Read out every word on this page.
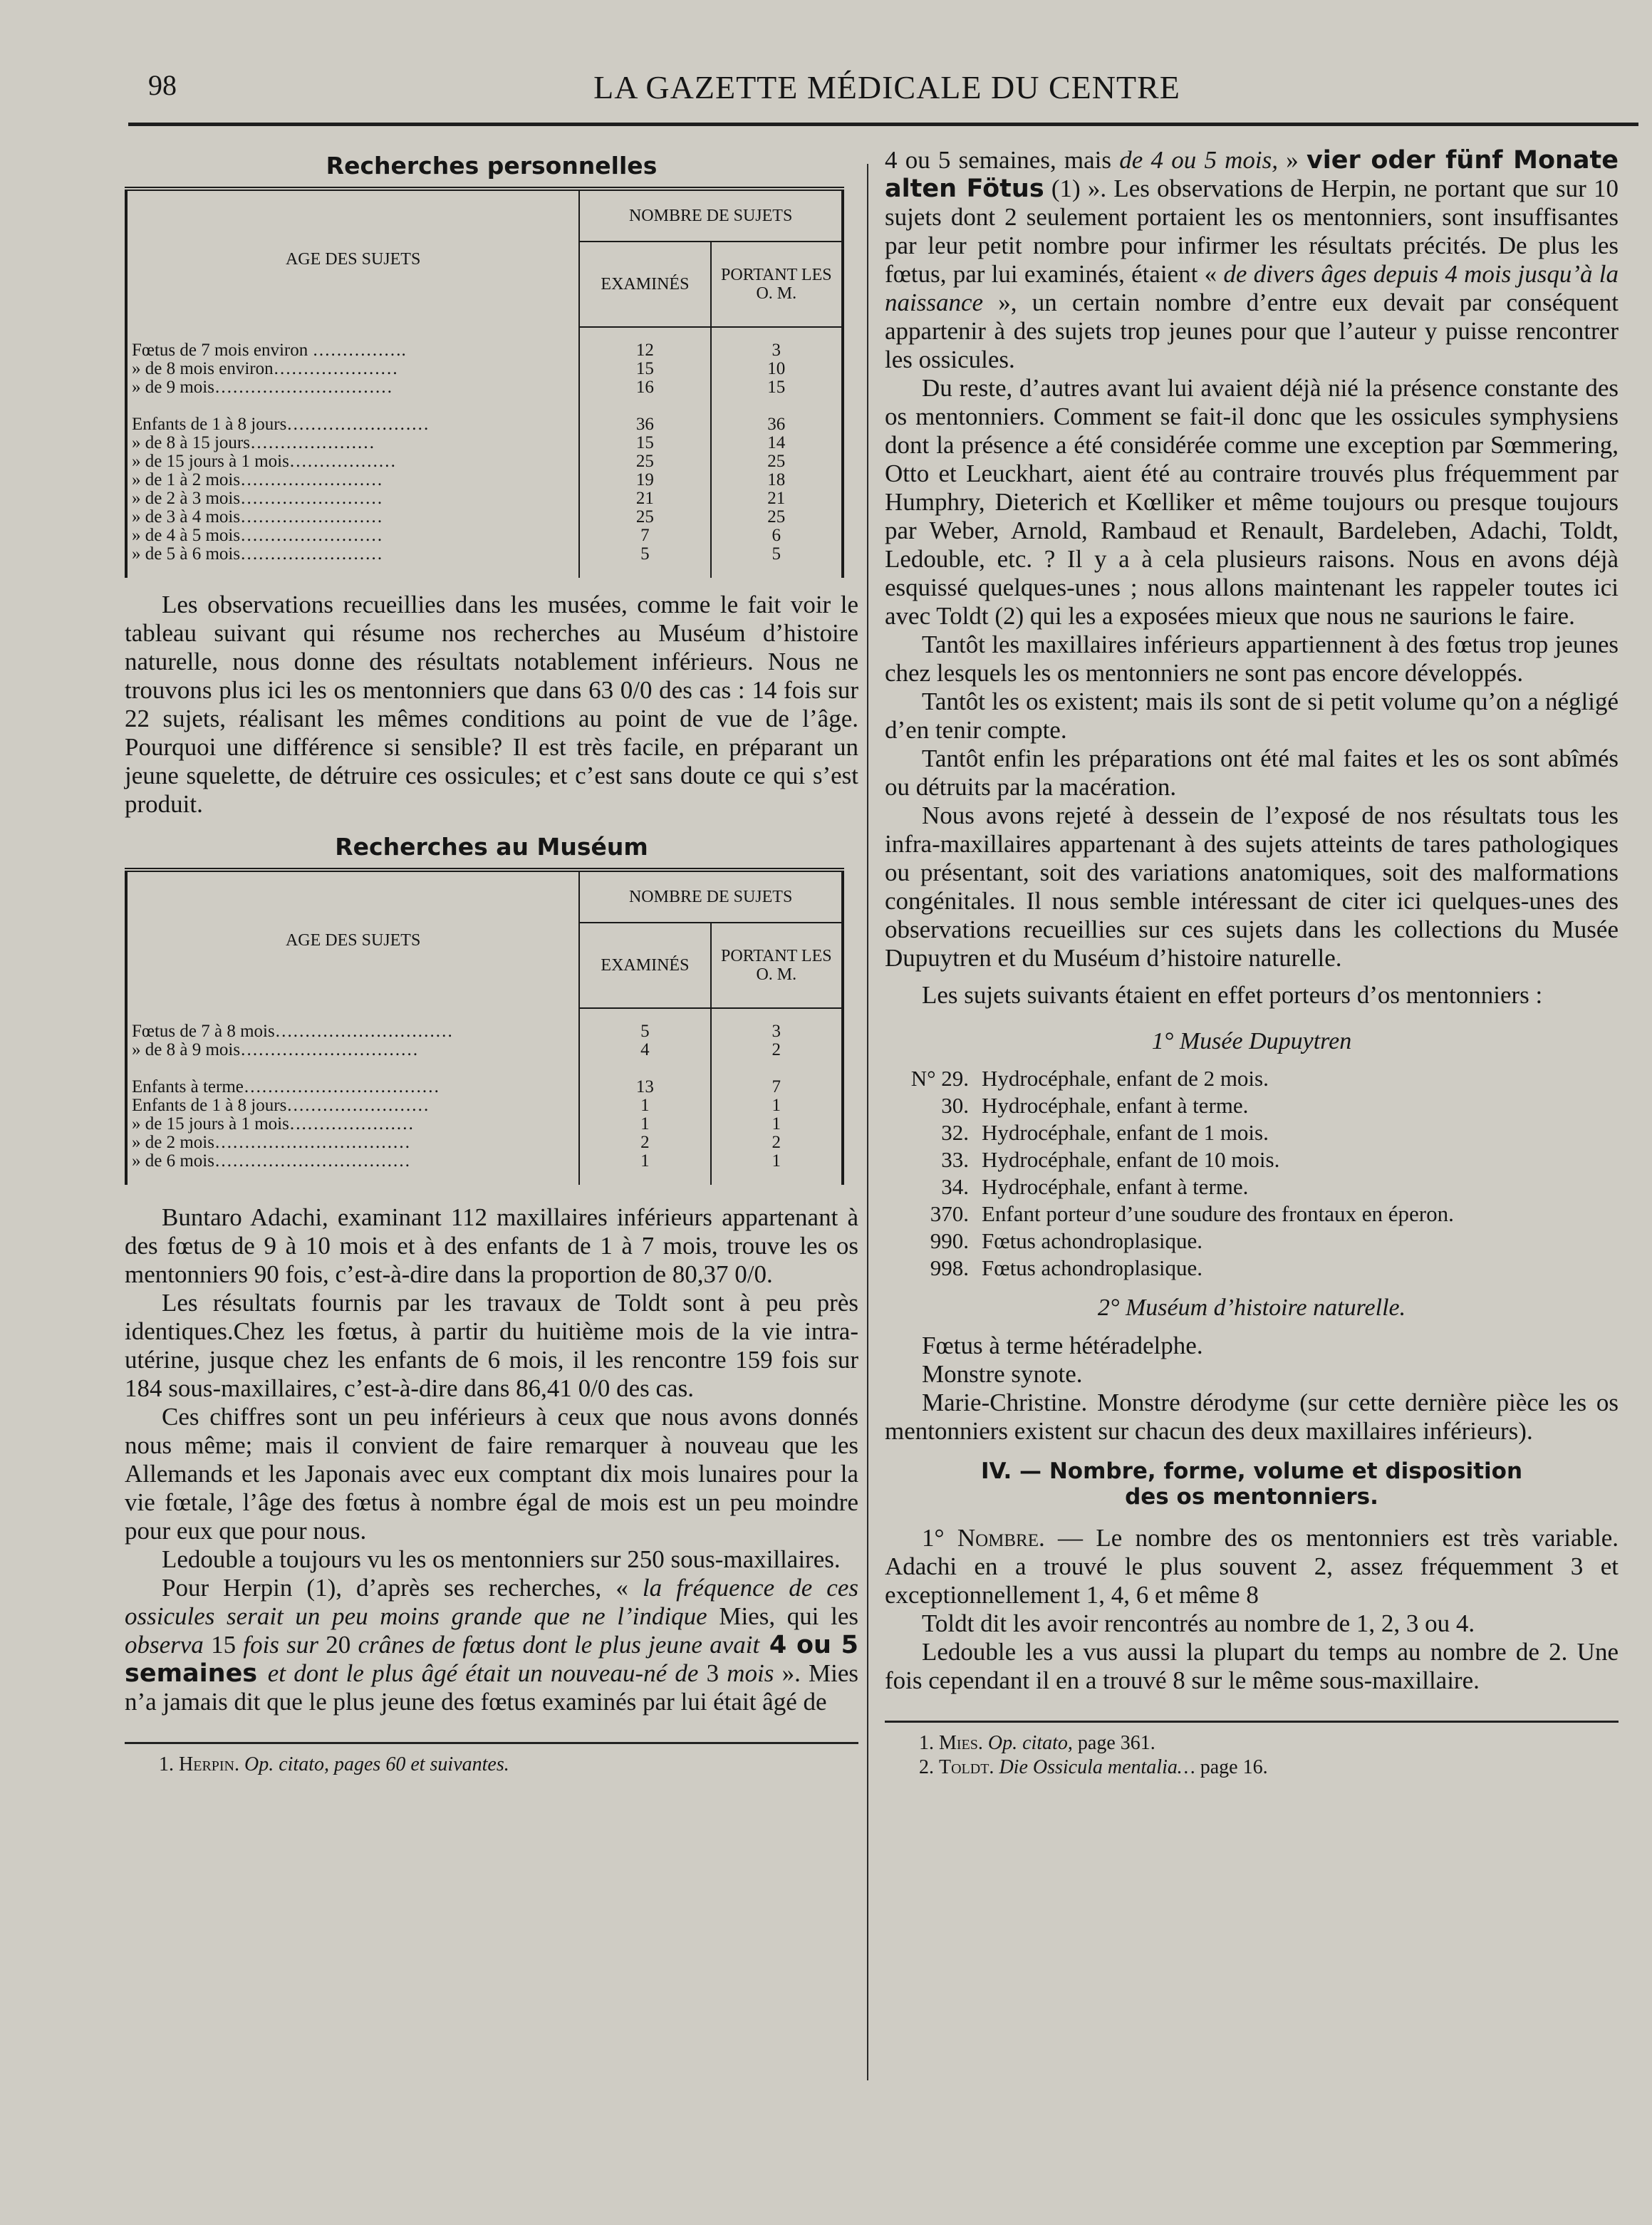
98	LA GAZETTE MÉDICALE DU CENTRE
Recherches personnelles
AGE DES SUJETS	NOMBRE DE SUJETS	
	EXAMINÉS	PORTANT LES O. M.

Fœtus de 7 mois environ …………….	12	3
» de 8 mois environ…………………	15	10
» de 9 mois…………………………	16	15

Enfants de 1 à 8 jours……………………	36	36
» de 8 à 15 jours…………………	15	14
» de 15 jours à 1 mois………………	25	25
» de 1 à 2 mois……………………	19	18
» de 2 à 3 mois……………………	21	21
» de 3 à 4 mois……………………	25	25
» de 4 à 5 mois……………………	7	6
» de 5 à 6 mois……………………	5	5

Les observations recueillies dans les musées, comme le fait voir le tableau suivant qui résume nos recherches au Muséum d’histoire naturelle, nous donne des résultats notablement inférieurs. Nous ne trouvons plus ici les os mentonniers que dans 63 0/0 des cas : 14 fois sur 22 sujets, réalisant les mêmes conditions au point de vue de l’âge. Pourquoi une différence si sensible? Il est très facile, en préparant un jeune squelette, de détruire ces ossicules; et c’est sans doute ce qui s’est produit.

Recherches au Muséum
AGE DES SUJETS	NOMBRE DE SUJETS	
	EXAMINÉS	PORTANT LES O. M.

Fœtus de 7 à 8 mois…………………………	5	3
» de 8 à 9 mois…………………………	4	2

Enfants à terme……………………………	13	7
Enfants de 1 à 8 jours……………………	1	1
» de 15 jours à 1 mois…………………	1	1
» de 2 mois……………………………	2	2
» de 6 mois……………………………	1	1

Buntaro Adachi, examinant 112 maxillaires inférieurs appartenant à des fœtus de 9 à 10 mois et à des enfants de 1 à 7 mois, trouve les os mentonniers 90 fois, c’est-à-dire dans la proportion de 80,37 0/0.

Les résultats fournis par les travaux de Toldt sont à peu près identiques.Chez les fœtus, à partir du huitième mois de la vie intra-utérine, jusque chez les enfants de 6 mois, il les rencontre 159 fois sur 184 sous-maxillaires, c’est-à-dire dans 86,41 0/0 des cas.

Ces chiffres sont un peu inférieurs à ceux que nous avons donnés nous même; mais il convient de faire remarquer à nouveau que les Allemands et les Japonais avec eux comptant dix mois lunaires pour la vie fœtale, l’âge des fœtus à nombre égal de mois est un peu moindre pour eux que pour nous.

Ledouble a toujours vu les os mentonniers sur 250 sous-maxillaires.

Pour Herpin (1), d’après ses recherches, « la fréquence de ces ossicules serait un peu moins grande que ne l’indique Mies, qui les observa 15 fois sur 20 crânes de fœtus dont le plus jeune avait 4 ou 5 semaines et dont le plus âgé était un nouveau-né de 3 mois ». Mies n’a jamais dit que le plus jeune des fœtus examinés par lui était âgé de

1. Herpin. Op. citato, pages 60 et suivantes.

4 ou 5 semaines, mais de 4 ou 5 mois, » vier oder fünf Monate alten Fötus (1) ». Les observations de Herpin, ne portant que sur 10 sujets dont 2 seulement portaient les os mentonniers, sont insuffisantes par leur petit nombre pour infirmer les résultats précités. De plus les fœtus, par lui examinés, étaient « de divers âges depuis 4 mois jusqu’à la naissance », un certain nombre d’entre eux devait par conséquent appartenir à des sujets trop jeunes pour que l’auteur y puisse rencontrer les ossicules.

Du reste, d’autres avant lui avaient déjà nié la présence constante des os mentonniers. Comment se fait-il donc que les ossicules symphysiens dont la présence a été considérée comme une exception par Sœmmering, Otto et Leuckhart, aient été au contraire trouvés plus fréquemment par Humphry, Dieterich et Kœlliker et même toujours ou presque toujours par Weber, Arnold, Rambaud et Renault, Bardeleben, Adachi, Toldt, Ledouble, etc. ? Il y a à cela plusieurs raisons. Nous en avons déjà esquissé quelques-unes ; nous allons maintenant les rappeler toutes ici avec Toldt (2) qui les a exposées mieux que nous ne saurions le faire.

Tantôt les maxillaires inférieurs appartiennent à des fœtus trop jeunes chez lesquels les os mentonniers ne sont pas encore développés.

Tantôt les os existent; mais ils sont de si petit volume qu’on a négligé d’en tenir compte.

Tantôt enfin les préparations ont été mal faites et les os sont abîmés ou détruits par la macération.

Nous avons rejeté à dessein de l’exposé de nos résultats tous les infra-maxillaires appartenant à des sujets atteints de tares pathologiques ou présentant, soit des variations anatomiques, soit des malformations congénitales. Il nous semble intéressant de citer ici quelques-unes des observations recueillies sur ces sujets dans les collections du Musée Dupuytren et du Muséum d’histoire naturelle.

Les sujets suivants étaient en effet porteurs d’os mentonniers :

1° Musée Dupuytren
N° 29. Hydrocéphale, enfant de 2 mois.
30. Hydrocéphale, enfant à terme.
32. Hydrocéphale, enfant de 1 mois.
33. Hydrocéphale, enfant de 10 mois.
34. Hydrocéphale, enfant à terme.
370. Enfant porteur d’une soudure des frontaux en éperon.
990. Fœtus achondroplasique.
998. Fœtus achondroplasique.
2° Muséum d’histoire naturelle.

Fœtus à terme hétéradelphe.

Monstre synote.

Marie-Christine. Monstre dérodyme (sur cette dernière pièce les os mentonniers existent sur chacun des deux maxillaires inférieurs).

IV. — Nombre, forme, volume et disposition
des os mentonniers.

1° Nombre. — Le nombre des os mentonniers est très variable. Adachi en a trouvé le plus souvent 2, assez fréquemment 3 et exceptionnellement 1, 4, 6 et même 8

Toldt dit les avoir rencontrés au nombre de 1, 2, 3 ou 4.

Ledouble les a vus aussi la plupart du temps au nombre de 2. Une fois cependant il en a trouvé 8 sur le même sous-maxillaire.

1. Mies. Op. citato, page 361.
2. Toldt. Die Ossicula mentalia… page 16.
